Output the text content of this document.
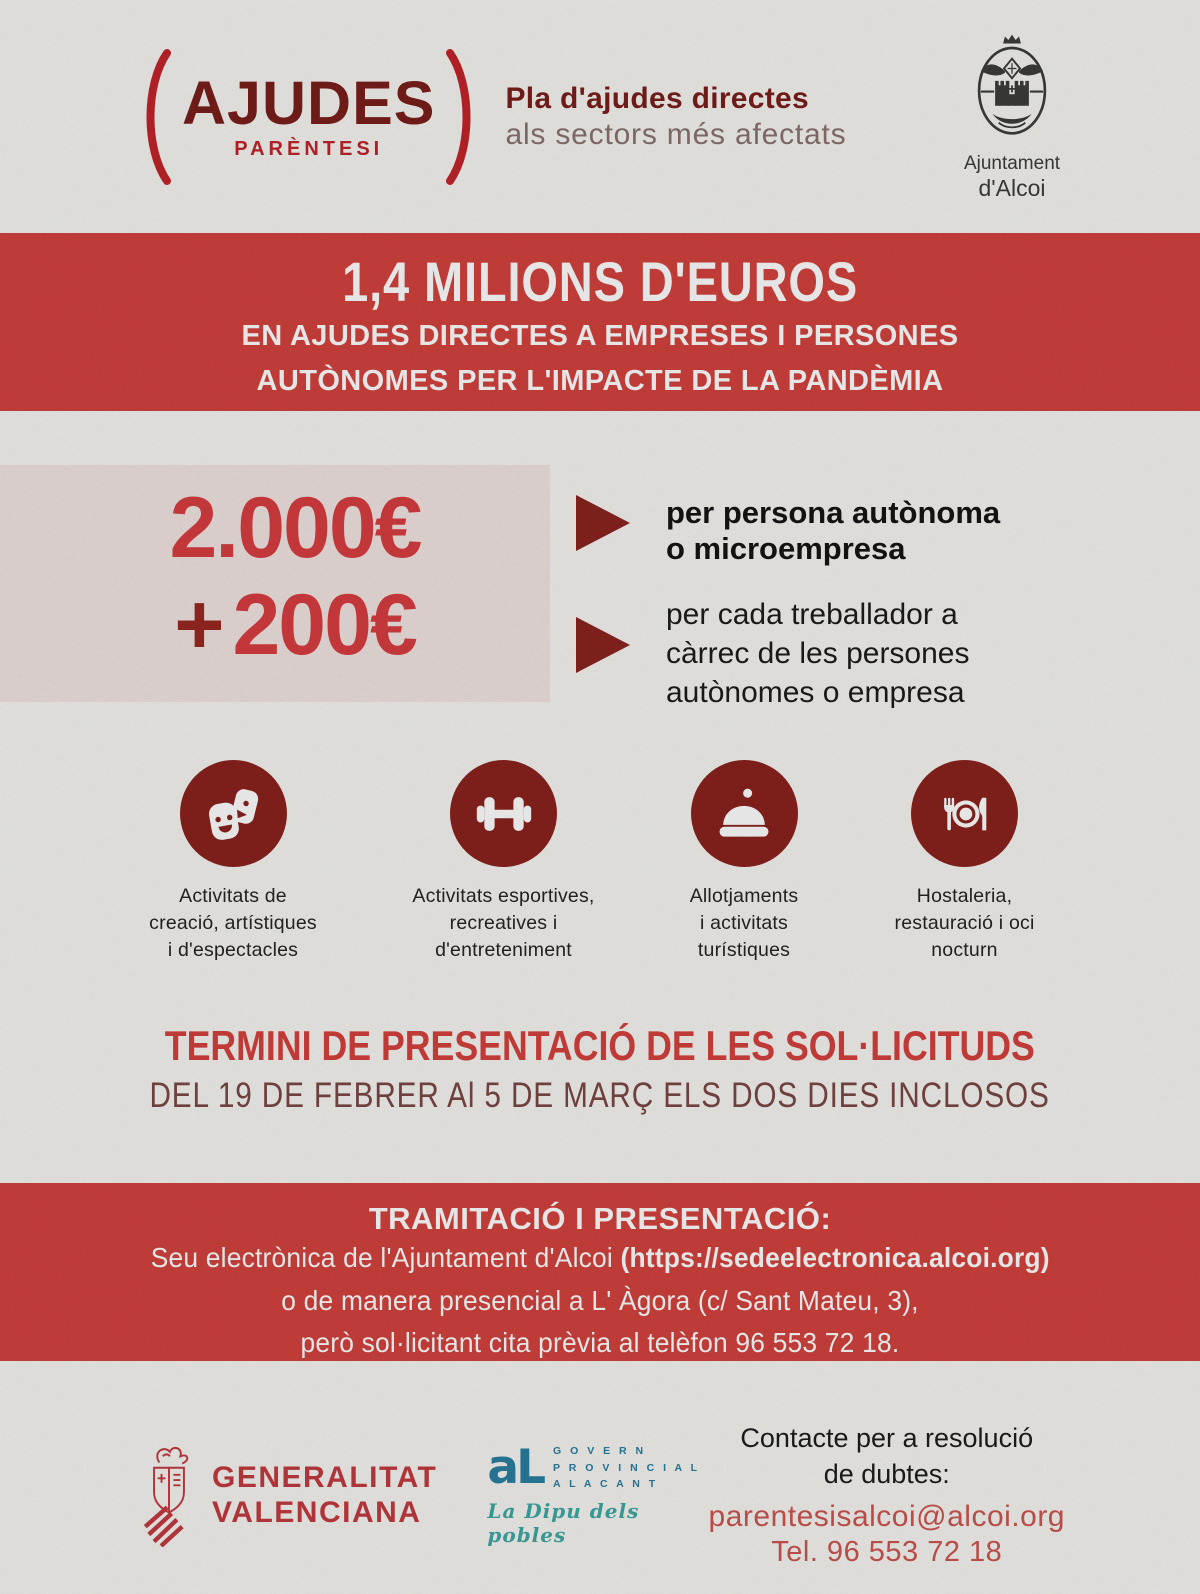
AJUDES
PARÈNTESI
Pla d'ajudes directes
als sectors més afectats
Ajuntament
d'Alcoi
1,4 MILIONS D'EUROS

EN AJUDES DIRECTES A EMPRESES I PERSONES

AUTÒNOMES PER L'IMPACTE DE LA PANDÈMIA

2.000€
+ 200€
per persona autònoma
o microempresa
per cada treballador a
càrrec de les persones
autònomes o empresa
Activitats de
creació, artístiques
i d'espectacles
Activitats esportives,
recreatives i
d'entreteniment
Allotjaments
i activitats
turístiques
Hostaleria,
restauració i oci
nocturn
TERMINI DE PRESENTACIÓ DE LES SOL·LICITUDS
DEL 19 DE FEBRER Al 5 DE MARÇ ELS DOS DIES INCLOSOS
TRAMITACIÓ I PRESENTACIÓ:
Seu electrònica de l'Ajuntament d'Alcoi (https://sedeelectronica.alcoi.org)
o de manera presencial a L' Àgora (c/ Sant Mateu, 3),
però sol·licitant cita prèvia al telèfon 96 553 72 18.
GENERALITAT
VALENCIANA
aL G O V E R N
P R O V I N C I A L
A L A C A N T
La Dipu dels pobles
Contacte per a resolució
de dubtes:
parentesisalcoi@alcoi.org
Tel. 96 553 72 18
